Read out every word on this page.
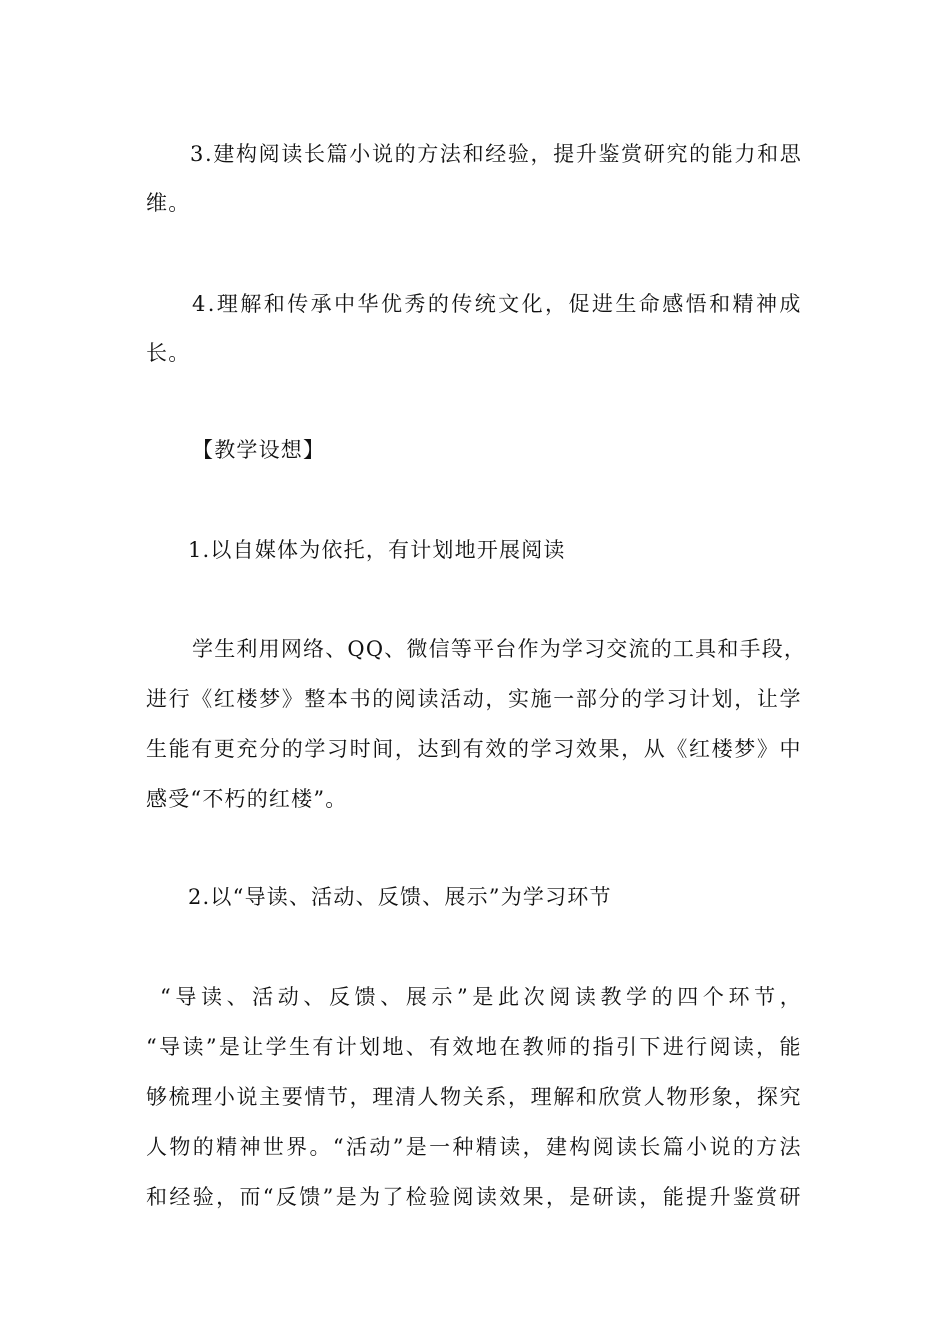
3 . 建 构 阅 读 长 篇 小 说 的 方 法 和 经 验 ， 提 升 鉴 赏 研 究 的 能 力 和 思
维。
4 . 理 解 和 传 承 中 华 优 秀 的 传 统 文 化 ， 促 进 生 命 感 悟 和 精 神 成
长。
【教学设想】
1.以自媒体为依托，有计划地开展阅读
学 生 利 用 网 络 、 Q Q 、 微 信 等 平 台 作 为 学 习 交 流 的 工 具 和 手 段 ，
进 行 《 红 楼 梦 》 整 本 书 的 阅 读 活 动 ， 实 施 一 部 分 的 学 习 计 划 ， 让 学
生 能 有 更 充 分 的 学 习 时 间 ， 达 到 有 效 的 学 习 效 果 ， 从 《 红 楼 梦 》 中
感受“不朽的红楼”。
2.以“导读、活动、反馈、展示”为学习环节
“ 导 读 、 活 动 、 反 馈 、 展 示 ” 是 此 次 阅 读 教 学 的 四 个 环 节 ，
“ 导 读 ” 是 让 学 生 有 计 划 地 、 有 效 地 在 教 师 的 指 引 下 进 行 阅 读 ， 能
够 梳 理 小 说 主 要 情 节 ， 理 清 人 物 关 系 ， 理 解 和 欣 赏 人 物 形 象 ， 探 究
人 物 的 精 神 世 界 。 “ 活 动 ” 是 一 种 精 读 ， 建 构 阅 读 长 篇 小 说 的 方 法
和 经 验 ， 而 “ 反 馈 ” 是 为 了 检 验 阅 读 效 果 ， 是 研 读 ， 能 提 升 鉴 赏 研
